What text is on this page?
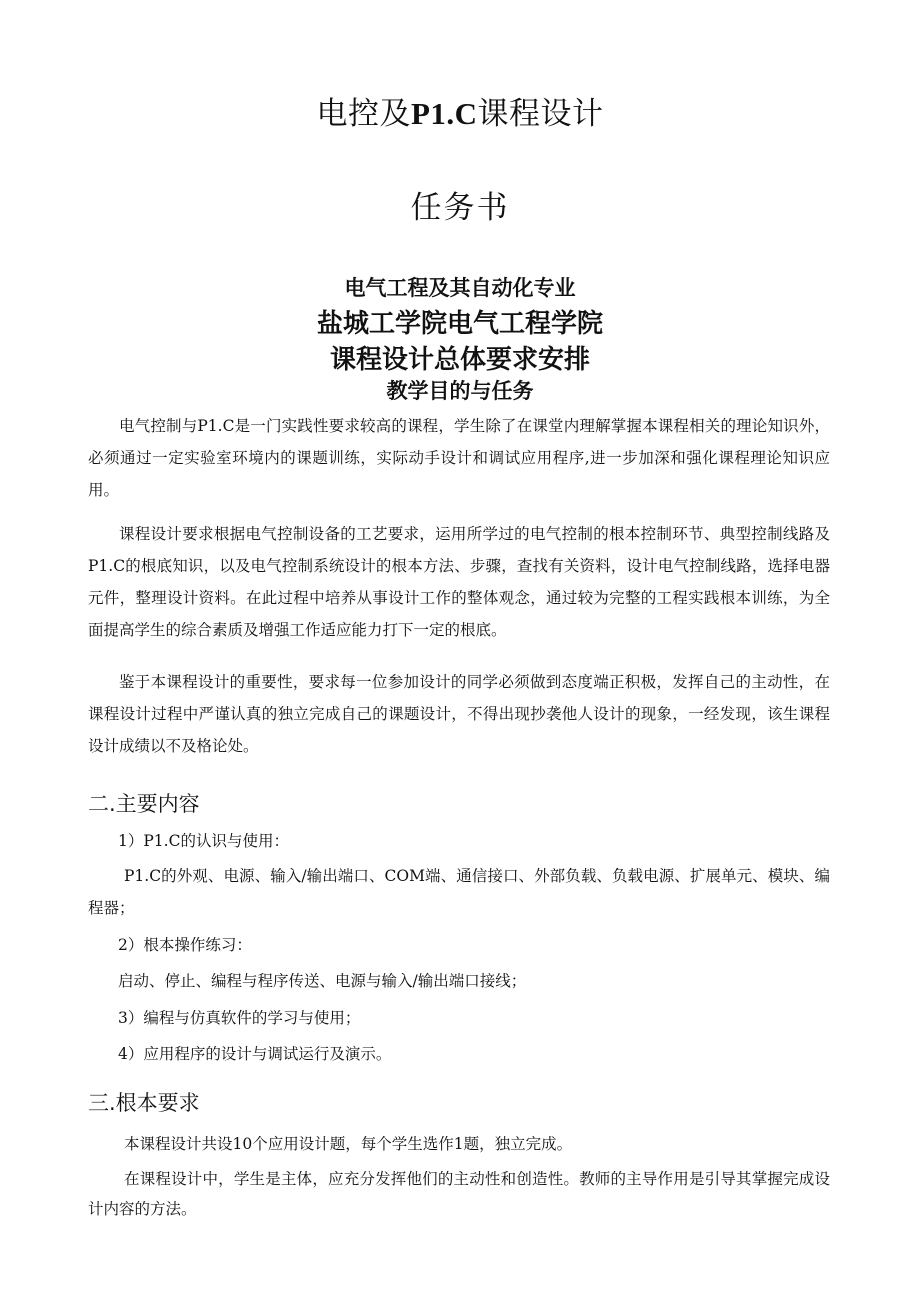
电控及P1.C课程设计
任务书
电气工程及其自动化专业
盐城工学院电气工程学院
课程设计总体要求安排
教学目的与任务

电气控制与P1.C是一门实践性要求较高的课程，学生除了在课堂内理解掌握本课程相关的理论知识外，必须通过一定实验室环境内的课题训练，实际动手设计和调试应用程序,进一步加深和强化课程理论知识应用。

课程设计要求根据电气控制设备的工艺要求，运用所学过的电气控制的根本控制环节、典型控制线路及P1.C的根底知识，以及电气控制系统设计的根本方法、步骤，查找有关资料，设计电气控制线路，选择电器元件，整理设计资料。在此过程中培养从事设计工作的整体观念，通过较为完整的工程实践根本训练，为全面提高学生的综合素质及增强工作适应能力打下一定的根底。

鉴于本课程设计的重要性，要求每一位参加设计的同学必须做到态度端正积极，发挥自己的主动性，在课程设计过程中严谨认真的独立完成自己的课题设计，不得出现抄袭他人设计的现象，一经发现，该生课程设计成绩以不及格论处。

二.主要内容
1）P1.C的认识与使用：

P1.C的外观、电源、输入/输出端口、COM端、通信接口、外部负载、负载电源、扩展单元、模块、编程器；

2）根本操作练习：
启动、停止、编程与程序传送、电源与输入/输出端口接线；
3）编程与仿真软件的学习与使用；
4）应用程序的设计与调试运行及演示。
三.根本要求

本课程设计共设10个应用设计题，每个学生选作1题，独立完成。

在课程设计中，学生是主体，应充分发挥他们的主动性和创造性。教师的主导作用是引导其掌握完成设计内容的方法。
